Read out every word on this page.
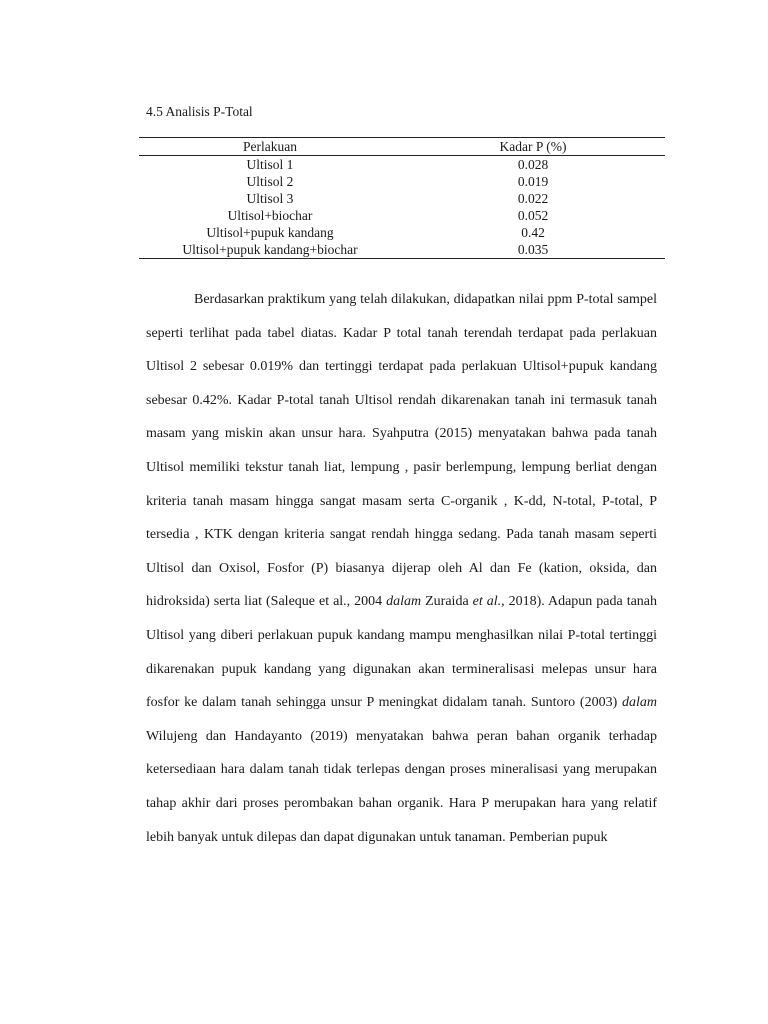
4.5 Analisis P-Total
Perlakuan	Kadar P (%)
Ultisol 1	0.028
Ultisol 2	0.019
Ultisol 3	0.022
Ultisol+biochar	0.052
Ultisol+pupuk kandang	0.42
Ultisol+pupuk kandang+biochar	0.035

Berdasarkan praktikum yang telah dilakukan, didapatkan nilai ppm P-total sampel seperti terlihat pada tabel diatas. Kadar P total tanah terendah terdapat pada perlakuan Ultisol 2 sebesar 0.019% dan tertinggi terdapat pada perlakuan Ultisol+pupuk kandang sebesar 0.42%. Kadar P-total tanah Ultisol rendah dikarenakan tanah ini termasuk tanah masam yang miskin akan unsur hara. Syahputra (2015) menyatakan bahwa pada tanah Ultisol memiliki tekstur tanah liat, lempung , pasir berlempung, lempung berliat dengan kriteria tanah masam hingga sangat masam serta C-organik , K-dd, N-total, P-total, P tersedia , KTK dengan kriteria sangat rendah hingga sedang. Pada tanah masam seperti Ultisol dan Oxisol, Fosfor (P) biasanya dijerap oleh Al dan Fe (kation, oksida, dan hidroksida) serta liat (Saleque et al., 2004 dalam Zuraida et al., 2018). Adapun pada tanah Ultisol yang diberi perlakuan pupuk kandang mampu menghasilkan nilai P-total tertinggi dikarenakan pupuk kandang yang digunakan akan termineralisasi melepas unsur hara fosfor ke dalam tanah sehingga unsur P meningkat didalam tanah. Suntoro (2003) dalam Wilujeng dan Handayanto (2019) menyatakan bahwa peran bahan organik terhadap ketersediaan hara dalam tanah tidak terlepas dengan proses mineralisasi yang merupakan tahap akhir dari proses perombakan bahan organik. Hara P merupakan hara yang relatif lebih banyak untuk dilepas dan dapat digunakan untuk tanaman. Pemberian pupuk
